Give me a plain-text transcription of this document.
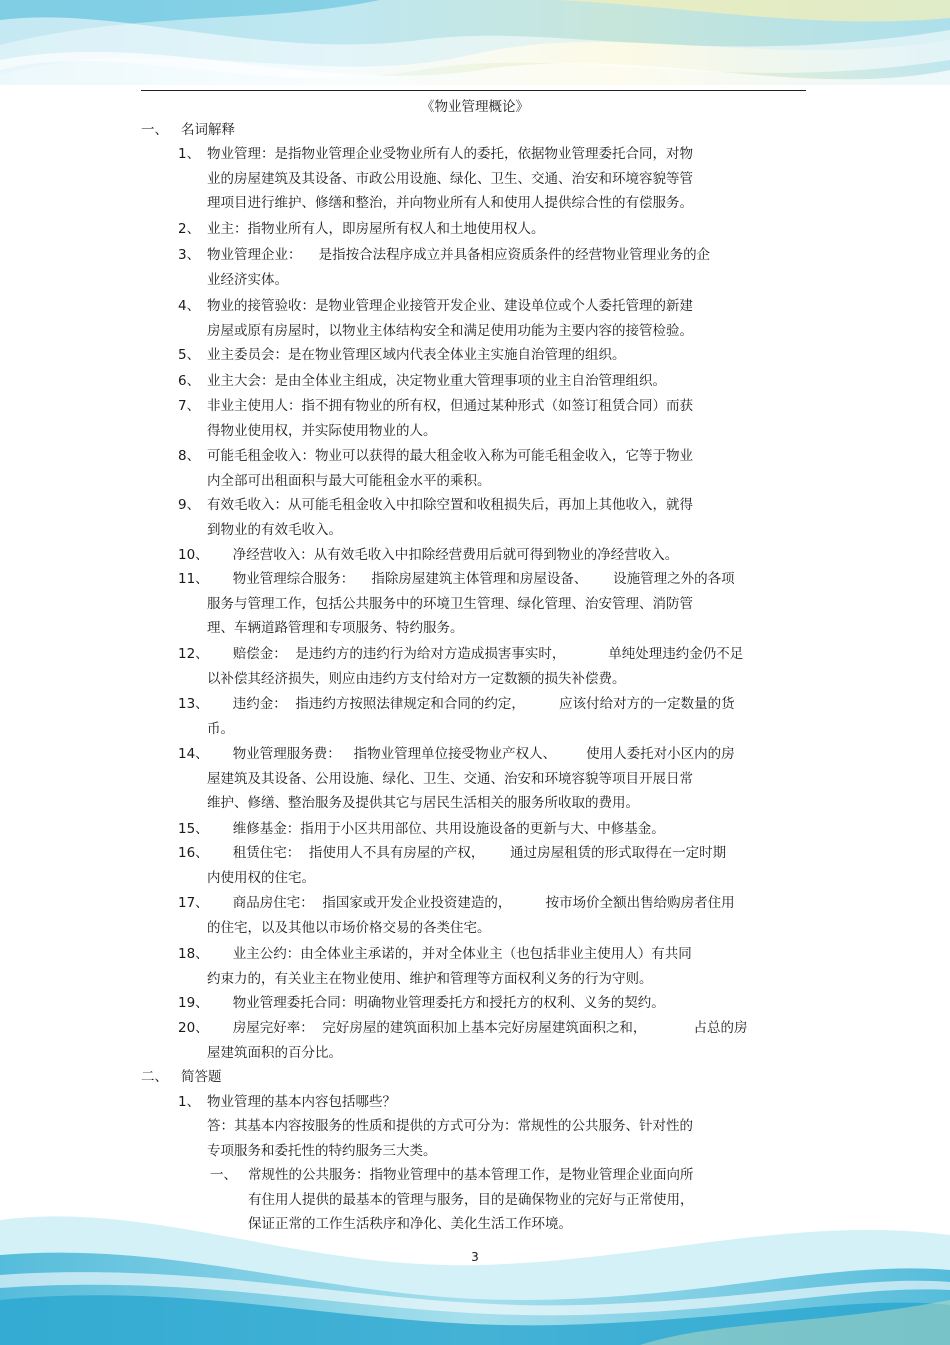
《物业管理概论》
一、 名词解释
1、 物业管理：是指物业管理企业受物业所有人的委托，依据物业管理委托合同，对物
业的房屋建筑及其设备、市政公用设施、绿化、卫生、交通、治安和环境容貌等管
理项目进行维护、修缮和整治，并向物业所有人和使用人提供综合性的有偿服务。
2、 业主：指物业所有人，即房屋所有权人和土地使用权人。
3、 物业管理企业：    是指按合法程序成立并具备相应资质条件的经营物业管理业务的企
业经济实体。
4、 物业的接管验收：是物业管理企业接管开发企业、建设单位或个人委托管理的新建
房屋或原有房屋时，以物业主体结构安全和满足使用功能为主要内容的接管检验。
5、 业主委员会：是在物业管理区域内代表全体业主实施自治管理的组织。
6、 业主大会：是由全体业主组成，决定物业重大管理事项的业主自治管理组织。
7、 非业主使用人：指不拥有物业的所有权，但通过某种形式（如签订租赁合同）而获
得物业使用权，并实际使用物业的人。
8、 可能毛租金收入：物业可以获得的最大租金收入称为可能毛租金收入，它等于物业
内全部可出租面积与最大可能租金水平的乘积。
9、 有效毛收入：从可能毛租金收入中扣除空置和收租损失后，再加上其他收入，就得
到物业的有效毛收入。
10、
净经营收入：从有效毛收入中扣除经营费用后就可得到物业的净经营收入。
11、	物业管理综合服务：    指除房屋建筑主体管理和房屋设备、      设施管理之外的各项
服务与管理工作，包括公共服务中的环境卫生管理、绿化管理、治安管理、消防管
理、车辆道路管理和专项服务、特约服务。
12、	赔偿金：  是违约方的违约行为给对方造成损害事实时，          单纯处理违约金仍不足
以补偿其经济损失，则应由违约方支付给对方一定数额的损失补偿费。
13、	违约金：  指违约方按照法律规定和合同的约定，        应该付给对方的一定数量的货
币。
14、	物业管理服务费：   指物业管理单位接受物业产权人、       使用人委托对小区内的房
屋建筑及其设备、公用设施、绿化、卫生、交通、治安和环境容貌等项目开展日常
维护、修缮、整治服务及提供其它与居民生活相关的服务所收取的费用。
15、
维修基金：指用于小区共用部位、共用设施设备的更新与大、中修基金。
16、	租赁住宅：  指使用人不具有房屋的产权，      通过房屋租赁的形式取得在一定时期
内使用权的住宅。
17、	商品房住宅：  指国家或开发企业投资建造的，        按市场价全额出售给购房者住用
的住宅，以及其他以市场价格交易的各类住宅。
18、	业主公约：由全体业主承诺的，并对全体业主（也包括非业主使用人）有共同
约束力的，有关业主在物业使用、维护和管理等方面权利义务的行为守则。
19、
物业管理委托合同：明确物业管理委托方和授托方的权利、义务的契约。
20、	房屋完好率：  完好房屋的建筑面积加上基本完好房屋建筑面积之和，           占总的房
屋建筑面积的百分比。
二、 简答题
1、 物业管理的基本内容包括哪些？
答：其基本内容按服务的性质和提供的方式可分为：常规性的公共服务、针对性的
专项服务和委托性的特约服务三大类。
一、 常规性的公共服务：指物业管理中的基本管理工作，是物业管理企业面向所
有住用人提供的最基本的管理与服务，目的是确保物业的完好与正常使用，
保证正常的工作生活秩序和净化、美化生活工作环境。
3
